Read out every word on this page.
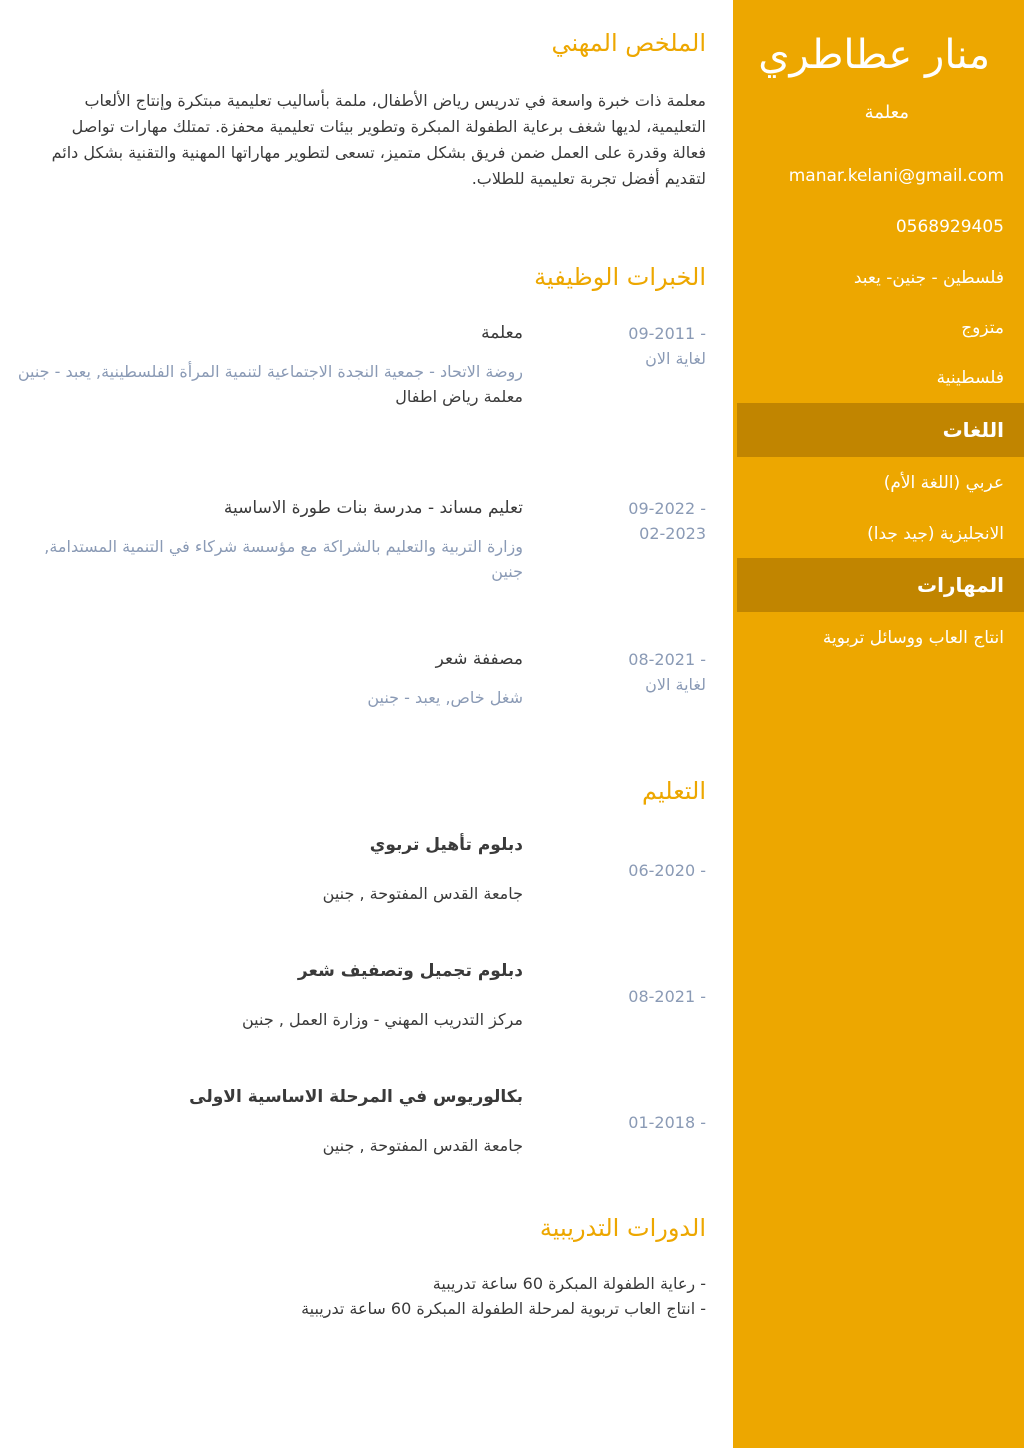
منار عطاطري
معلمة
manar.kelani@gmail.com
0568929405
فلسطين - جنين- يعبد
متزوج
فلسطينية
اللغات
عربي (اللغة الأم)
الانجليزية (جيد جدا)
المهارات
انتاج العاب ووسائل تربوية
الملخص المهني

معلمة ذات خبرة واسعة في تدريس رياض الأطفال، ملمة بأساليب تعليمية مبتكرة وإنتاج الألعاب التعليمية، لديها شغف برعاية الطفولة المبكرة وتطوير بيئات تعليمية محفزة. تمتلك مهارات تواصل فعالة وقدرة على العمل ضمن فريق بشكل متميز، تسعى لتطوير مهاراتها المهنية والتقنية بشكل دائم لتقديم أفضل تجربة تعليمية للطلاب.

الخبرات الوظيفية
09-2011 -
لغاية الان
معلمة
روضة الاتحاد - جمعية النجدة الاجتماعية لتنمية المرأة الفلسطينية, يعبد - جنين
معلمة رياض اطفال
09-2022 -
02-2023
تعليم مساند - مدرسة بنات طورة الاساسية
وزارة التربية والتعليم بالشراكة مع مؤسسة شركاء في التنمية المستدامة, جنين
08-2021 -
لغاية الان
مصففة شعر
شغل خاص, يعبد - جنين
التعليم
06-2020 -
دبلوم تأهيل تربوي
جامعة القدس المفتوحة , جنين
08-2021 -
دبلوم تجميل وتصفيف شعر
مركز التدريب المهني - وزارة العمل , جنين
01-2018 -
بكالوريوس في المرحلة الاساسية الاولى
جامعة القدس المفتوحة , جنين
الدورات التدريبية
- رعاية الطفولة المبكرة 60 ساعة تدريبية
- انتاج العاب تربوية لمرحلة الطفولة المبكرة 60 ساعة تدريبية
